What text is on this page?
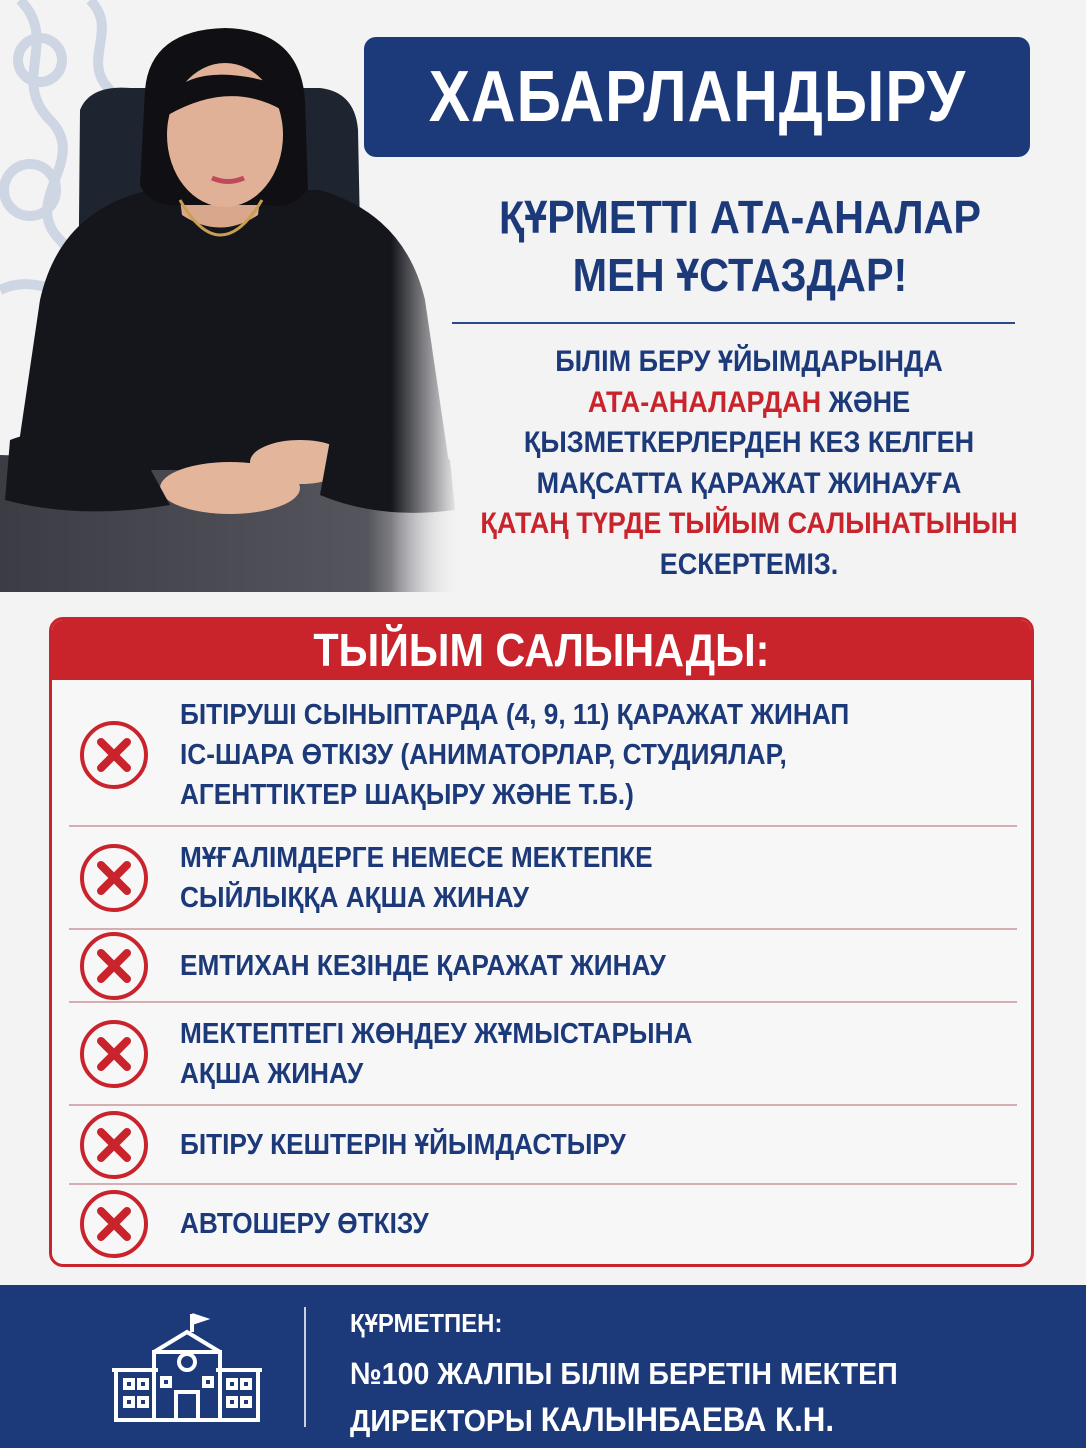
ХАБАРЛАНДЫРУ
ҚҰРМЕТТІ АТА-АНАЛАР
МЕН ҰСТАЗДАР!
БІЛІМ БЕРУ ҰЙЫМДАРЫНДА
АТА-АНАЛАРДАН ЖӘНЕ
ҚЫЗМЕТКЕРЛЕРДЕН КЕЗ КЕЛГЕН
МАҚСАТТА ҚАРАЖАТ ЖИНАУҒА
ҚАТАҢ ТҮРДЕ ТЫЙЫМ САЛЫНАТЫНЫН
ЕСКЕРТЕМІЗ.
ТЫЙЫМ САЛЫНАДЫ:
БІТІРУШІ СЫНЫПТАРДА (4, 9, 11) ҚАРАЖАТ ЖИНАП
ІС-ШАРА ӨТКІЗУ (АНИМАТОРЛАР, СТУДИЯЛАР,
АГЕНТТІКТЕР ШАҚЫРУ ЖӘНЕ Т.Б.)
МҰҒАЛІМДЕРГЕ НЕМЕСЕ МЕКТЕПКЕ
СЫЙЛЫҚҚА АҚША ЖИНАУ
ЕМТИХАН КЕЗІНДЕ ҚАРАЖАТ ЖИНАУ
МЕКТЕПТЕГІ ЖӨНДЕУ ЖҰМЫСТАРЫНА
АҚША ЖИНАУ
БІТІРУ КЕШТЕРІН ҰЙЫМДАСТЫРУ
АВТОШЕРУ ӨТКІЗУ
ҚҰРМЕТПЕН:
№100 ЖАЛПЫ БІЛІМ БЕРЕТІН МЕКТЕП
ДИРЕКТОРЫ КАЛЫНБАЕВА К.Н.
